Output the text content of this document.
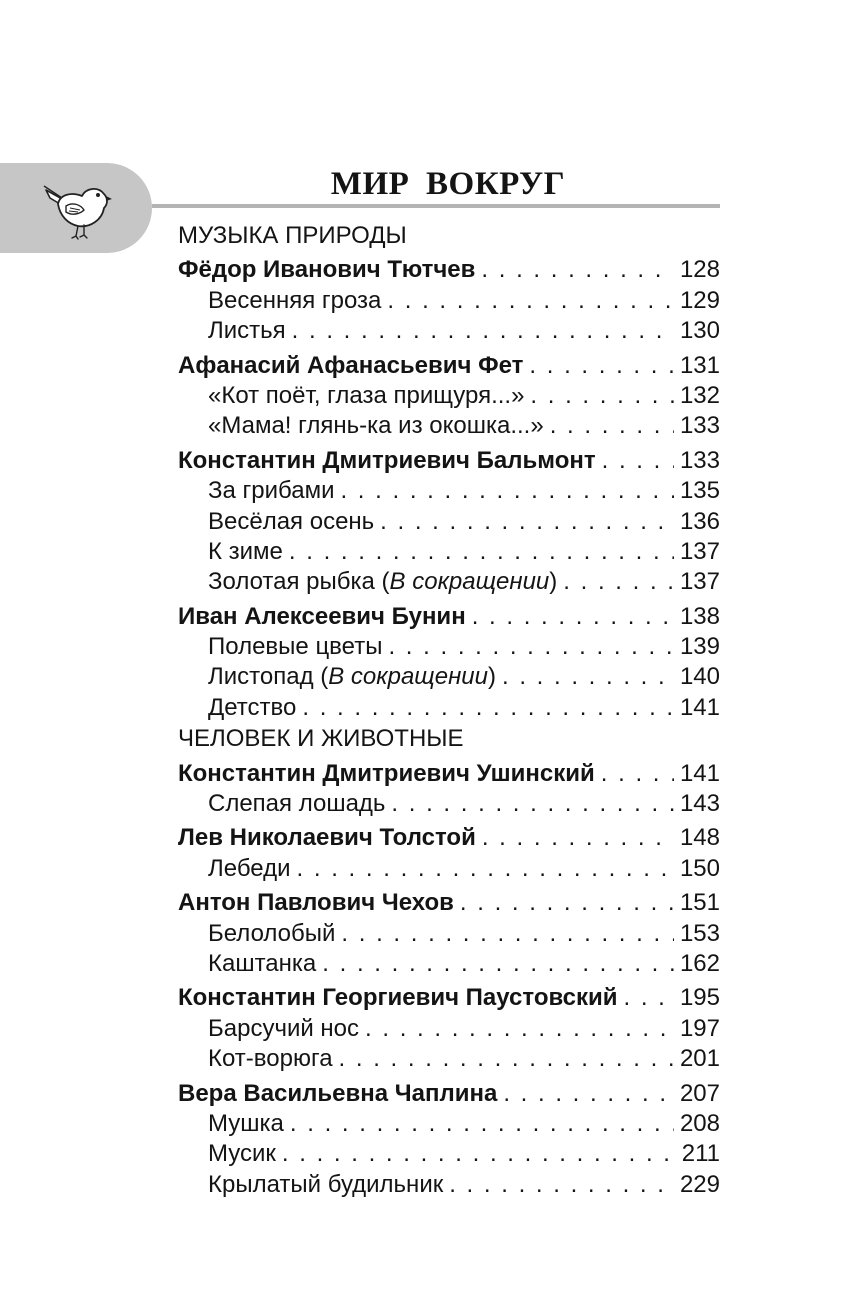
МИР ВОКРУГ
МУЗЫКА ПРИРОДЫ
Фёдор Иванович Тютчев . . .	128
Весенняя гроза . . .	129
Листья . . .	130
Афанасий Афанасьевич Фет . . .	131
«Кот поёт, глаза прищуря...» . . .	132
«Мама! глянь-ка из окошка...» . . .	133
Константин Дмитриевич Бальмонт . . .	133
За грибами . . .	135
Весёлая осень . . .	136
К зиме . . .	137
Золотая рыбка (В сокращении) . . .	137
Иван Алексеевич Бунин . . .	138
Полевые цветы . . .	139
Листопад (В сокращении) . . .	140
Детство . . .	141
ЧЕЛОВЕК И ЖИВОТНЫЕ
Константин Дмитриевич Ушинский . . .	141
Слепая лошадь . . .	143
Лев Николаевич Толстой . . .	148
Лебеди . . .	150
Антон Павлович Чехов . . .	151
Белолобый . . .	153
Каштанка . . .	162
Константин Георгиевич Паустовский . . .	195
Барсучий нос . . .	197
Кот-ворюга . . .	201
Вера Васильевна Чаплина . . .	207
Мушка . . .	208
Мусик . . .	211
Крылатый будильник . . .	229
